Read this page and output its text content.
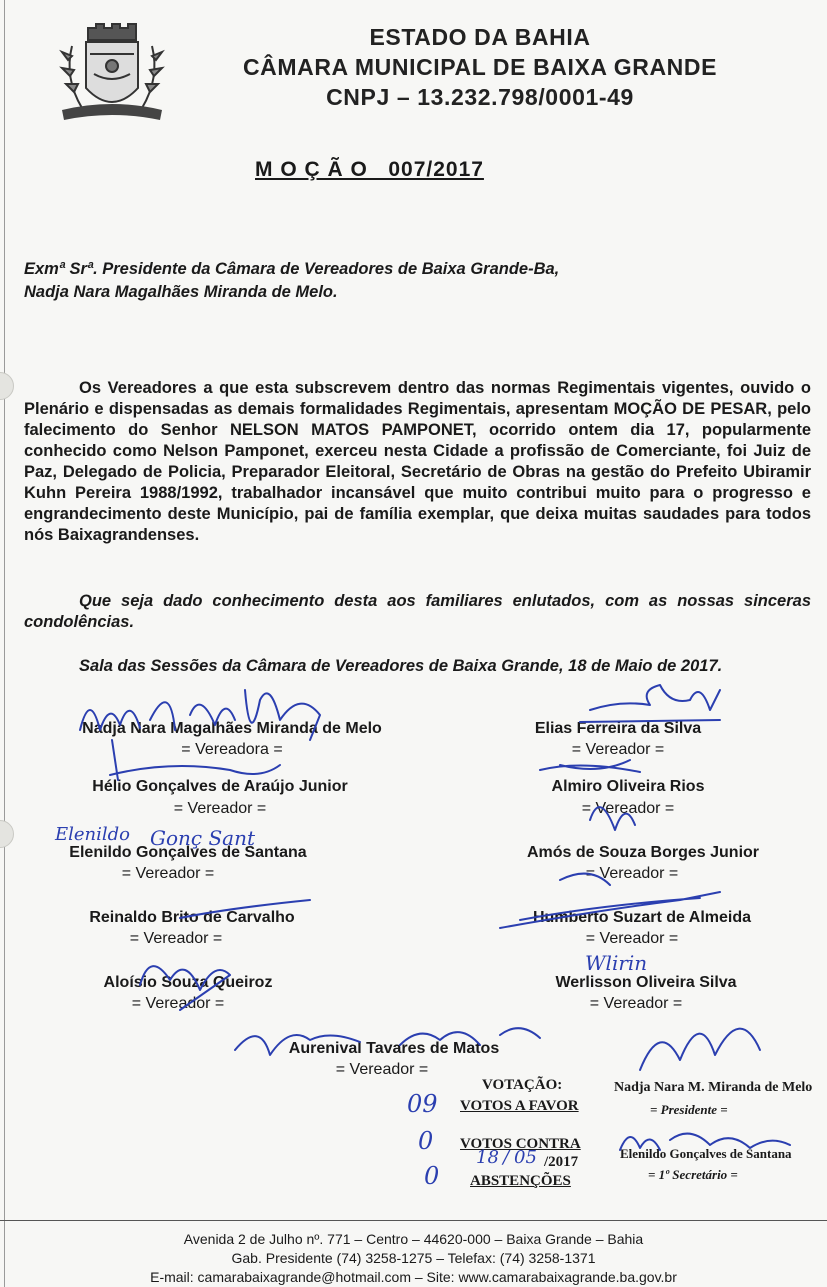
ESTADO DA BAHIA
CÂMARA MUNICIPAL DE BAIXA GRANDE
CNPJ – 13.232.798/0001-49
M O Ç Ã O   007/2017
Exmª Srª. Presidente da Câmara de Vereadores de Baixa Grande-Ba,
Nadja Nara Magalhães Miranda de Melo.
Os Vereadores a que esta subscrevem dentro das normas Regimentais vigentes, ouvido o Plenário e dispensadas as demais formalidades Regimentais, apresentam MOÇÃO DE PESAR, pelo falecimento do Senhor NELSON MATOS PAMPONET, ocorrido ontem dia 17, popularmente conhecido como Nelson Pamponet, exerceu nesta Cidade a profissão de Comerciante, foi Juiz de Paz, Delegado de Policia, Preparador Eleitoral, Secretário de Obras na gestão do Prefeito Ubiramir Kuhn Pereira 1988/1992, trabalhador incansável que muito contribui muito para o progresso e engrandecimento deste Município, pai de família exemplar, que deixa muitas saudades para todos nós Baixagrandenses.
Que seja dado conhecimento desta aos familiares enlutados, com as nossas sinceras condolências.
Sala das Sessões da Câmara de Vereadores de Baixa Grande, 18 de Maio de 2017.
Nadja Nara Magalhães Miranda de Melo
= Vereadora =
Elias Ferreira da Silva
= Vereador =
Hélio Gonçalves de Araújo Junior
= Vereador =
Almiro Oliveira Rios
= Vereador =
Elenildo Gonçalves de Santana
= Vereador =
Amós de Souza Borges Junior
= Vereador =
Reinaldo Brito de Carvalho
= Vereador =
Humberto Suzart de Almeida
= Vereador =
Aloísio Souza Queiroz
= Vereador =
Werlisson Oliveira Silva
= Vereador =
Aurenival Tavares de Matos
= Vereador =
Elenildo Gonç Sant
Wlirin
VOTAÇÃO:
09 VOTOS A FAVOR
0 VOTOS CONTRA
18 / 05 /2017
0 ABSTENÇÕES
Nadja Nara M. Miranda de Melo
= Presidente =
Elenildo Gonçalves de Santana
= 1º Secretário =
Avenida 2 de Julho nº. 771 – Centro – 44620-000 – Baixa Grande – Bahia
Gab. Presidente (74) 3258-1275 – Telefax: (74) 3258-1371
E-mail: camarabaixagrande@hotmail.com – Site: www.camarabaixagrande.ba.gov.br
